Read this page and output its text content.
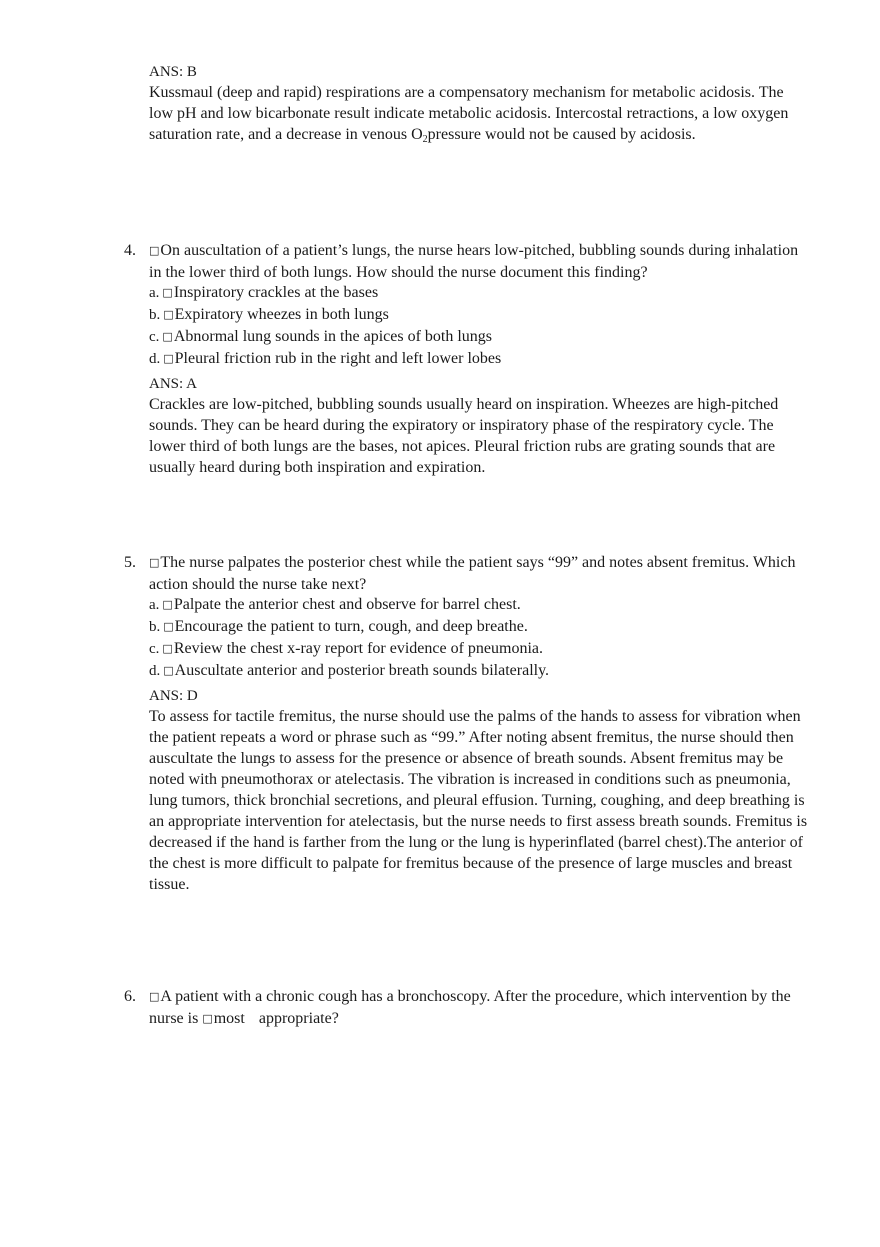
ANS: B
Kussmaul (deep and rapid) respirations are a compensatory mechanism for metabolic acidosis. The low pH and low bicarbonate result indicate metabolic acidosis. Intercostal retractions, a low oxygen saturation rate, and a decrease in venous O2pressure would not be caused by acidosis.
4.	□On auscultation of a patient’s lungs, the nurse hears low-pitched, bubbling sounds during inhalation in the lower third of both lungs. How should the nurse document this finding?
a. □Inspiratory crackles at the bases
b. □Expiratory wheezes in both lungs
c. □Abnormal lung sounds in the apices of both lungs
d. □Pleural friction rub in the right and left lower lobes
ANS: A
Crackles are low-pitched, bubbling sounds usually heard on inspiration. Wheezes are high-pitched sounds. They can be heard during the expiratory or inspiratory phase of the respiratory cycle. The lower third of both lungs are the bases, not apices. Pleural friction rubs are grating sounds that are usually heard during both inspiration and expiration.
5.	□The nurse palpates the posterior chest while the patient says “99” and notes absent fremitus. Which action should the nurse take next?
a. □Palpate the anterior chest and observe for barrel chest.
b. □Encourage the patient to turn, cough, and deep breathe.
c. □Review the chest x-ray report for evidence of pneumonia.
d. □Auscultate anterior and posterior breath sounds bilaterally.
ANS: D
To assess for tactile fremitus, the nurse should use the palms of the hands to assess for vibration when the patient repeats a word or phrase such as “99.” After noting absent fremitus, the nurse should then auscultate the lungs to assess for the presence or absence of breath sounds. Absent fremitus may be noted with pneumothorax or atelectasis. The vibration is increased in conditions such as pneumonia, lung tumors, thick bronchial secretions, and pleural effusion. Turning, coughing, and deep breathing is an appropriate intervention for atelectasis, but the nurse needs to first assess breath sounds. Fremitus is decreased if the hand is farther from the lung or the lung is hyperinflated (barrel chest).The anterior of the chest is more difficult to palpate for fremitus because of the presence of large muscles and breast tissue.
6.	□A patient with a chronic cough has a bronchoscopy. After the procedure, which intervention by the nurse is □most appropriate?
